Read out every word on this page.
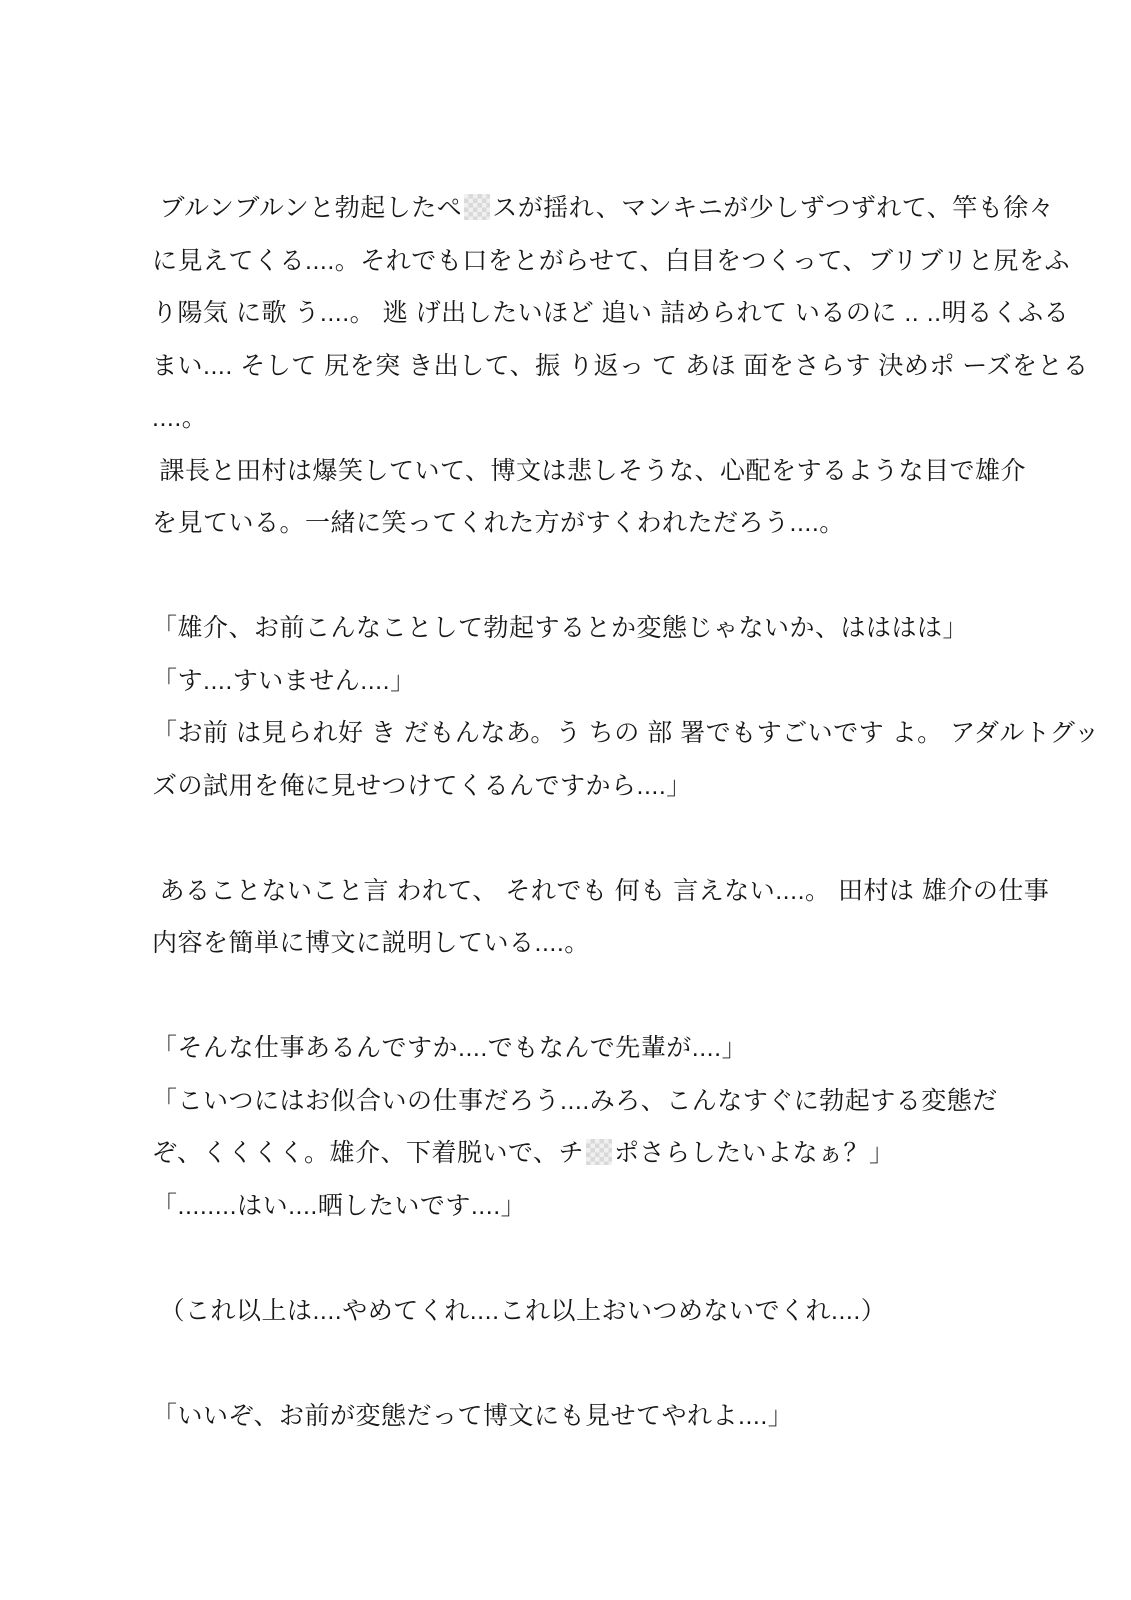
ブルンブルンと勃起したペ スが揺れ、マンキニが少しずつずれて、竿も徐々
に見えてくる....。それでも口をとがらせて、白目をつくって、ブリブリと尻をふ
り陽気 に歌 う....。 逃 げ出したいほど 追い 詰められて いるのに .. ..明るくふる
まい.... そして 尻を突 き出して、振 り返っ て あほ 面をさらす 決めポ ーズをとる
....。
課長と田村は爆笑していて、博文は悲しそうな、心配をするような目で雄介
を見ている。一緒に笑ってくれた方がすくわれただろう....。
「雄介、お前こんなことして勃起するとか変態じゃないか、はははは」
「す....すいません....」
「お前 は見られ好 き だもんなあ。う ちの 部 署でもすごいです よ。 アダルトグッ
ズの試用を俺に見せつけてくるんですから....」
あることないこと言 われて、 それでも 何も 言えない....。 田村は 雄介の仕事
内容を簡単に博文に説明している....。
「そんな仕事あるんですか....でもなんで先輩が....」
「こいつにはお似合いの仕事だろう....みろ、こんなすぐに勃起する変態だ
ぞ、くくくく。雄介、下着脱いで、チ ポさらしたいよなぁ？」
「........はい....晒したいです....」
（これ以上は....やめてくれ....これ以上おいつめないでくれ....）
「いいぞ、お前が変態だって博文にも見せてやれよ....」
